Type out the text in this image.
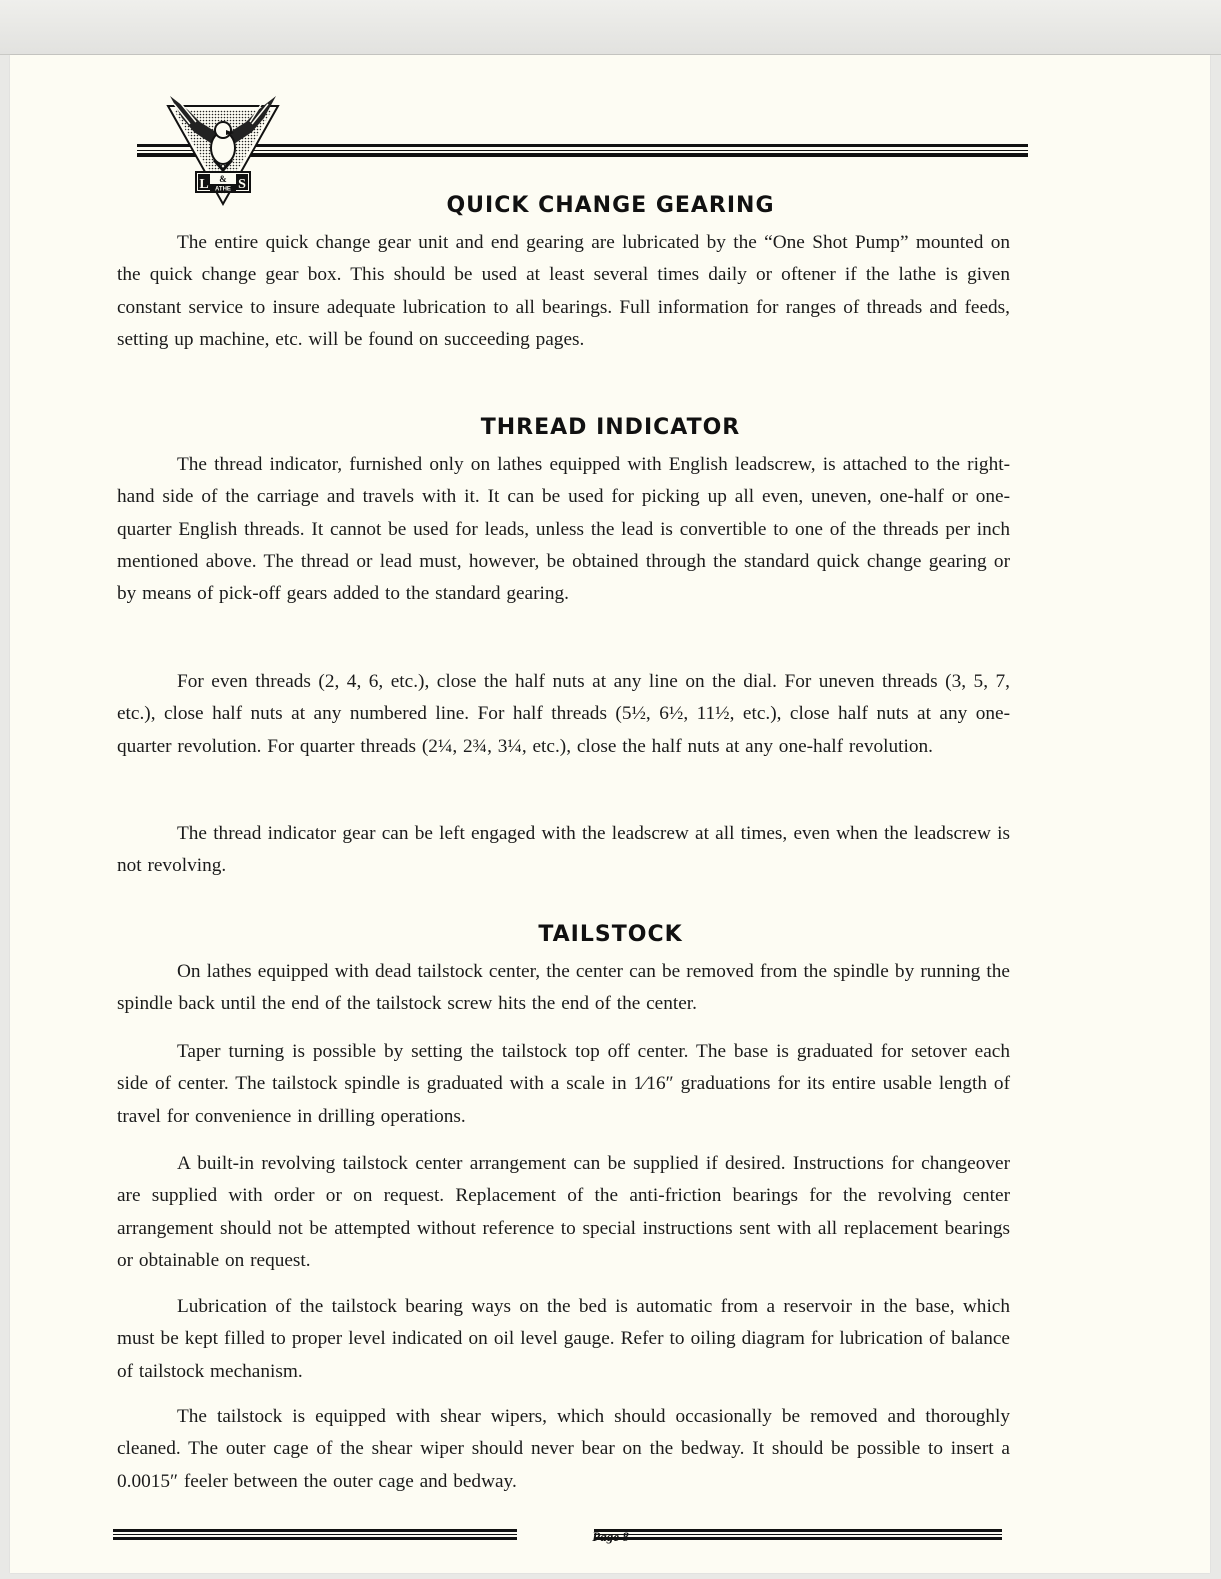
L S
&
ATHE
QUICK CHANGE GEARING

The entire quick change gear unit and end gearing are lubricated by the “One Shot Pump” mounted on the quick change gear box. This should be used at least several times daily or oftener if the lathe is given constant service to insure adequate lubrication to all bearings. Full information for ranges of threads and feeds, setting up machine, etc. will be found on succeeding pages.

THREAD INDICATOR

The thread indicator, furnished only on lathes equipped with English leadscrew, is attached to the right-hand side of the carriage and travels with it. It can be used for picking up all even, uneven, one-half or one-quarter English threads. It cannot be used for leads, unless the lead is convertible to one of the threads per inch mentioned above. The thread or lead must, however, be obtained through the standard quick change gearing or by means of pick-off gears added to the standard gearing.

For even threads (2, 4, 6, etc.), close the half nuts at any line on the dial. For uneven threads (3, 5, 7, etc.), close half nuts at any numbered line. For half threads (5½, 6½, 11½, etc.), close half nuts at any one-quarter revolution. For quarter threads (2¼, 2¾, 3¼, etc.), close the half nuts at any one-half revolution.

The thread indicator gear can be left engaged with the leadscrew at all times, even when the leadscrew is not revolving.

TAILSTOCK

On lathes equipped with dead tailstock center, the center can be removed from the spindle by running the spindle back until the end of the tailstock screw hits the end of the center.

Taper turning is possible by setting the tailstock top off center. The base is graduated for setover each side of center. The tailstock spindle is graduated with a scale in 1⁄16″ graduations for its entire usable length of travel for convenience in drilling operations.

A built-in revolving tailstock center arrangement can be supplied if desired. Instructions for changeover are supplied with order or on request. Replacement of the anti-friction bearings for the revolving center arrangement should not be attempted without reference to special instructions sent with all replacement bearings or obtainable on request.

Lubrication of the tailstock bearing ways on the bed is automatic from a reservoir in the base, which must be kept filled to proper level indicated on oil level gauge. Refer to oiling diagram for lubrication of balance of tailstock mechanism.

The tailstock is equipped with shear wipers, which should occasionally be removed and thoroughly cleaned. The outer cage of the shear wiper should never bear on the bedway. It should be possible to insert a 0.0015″ feeler between the outer cage and bedway.
